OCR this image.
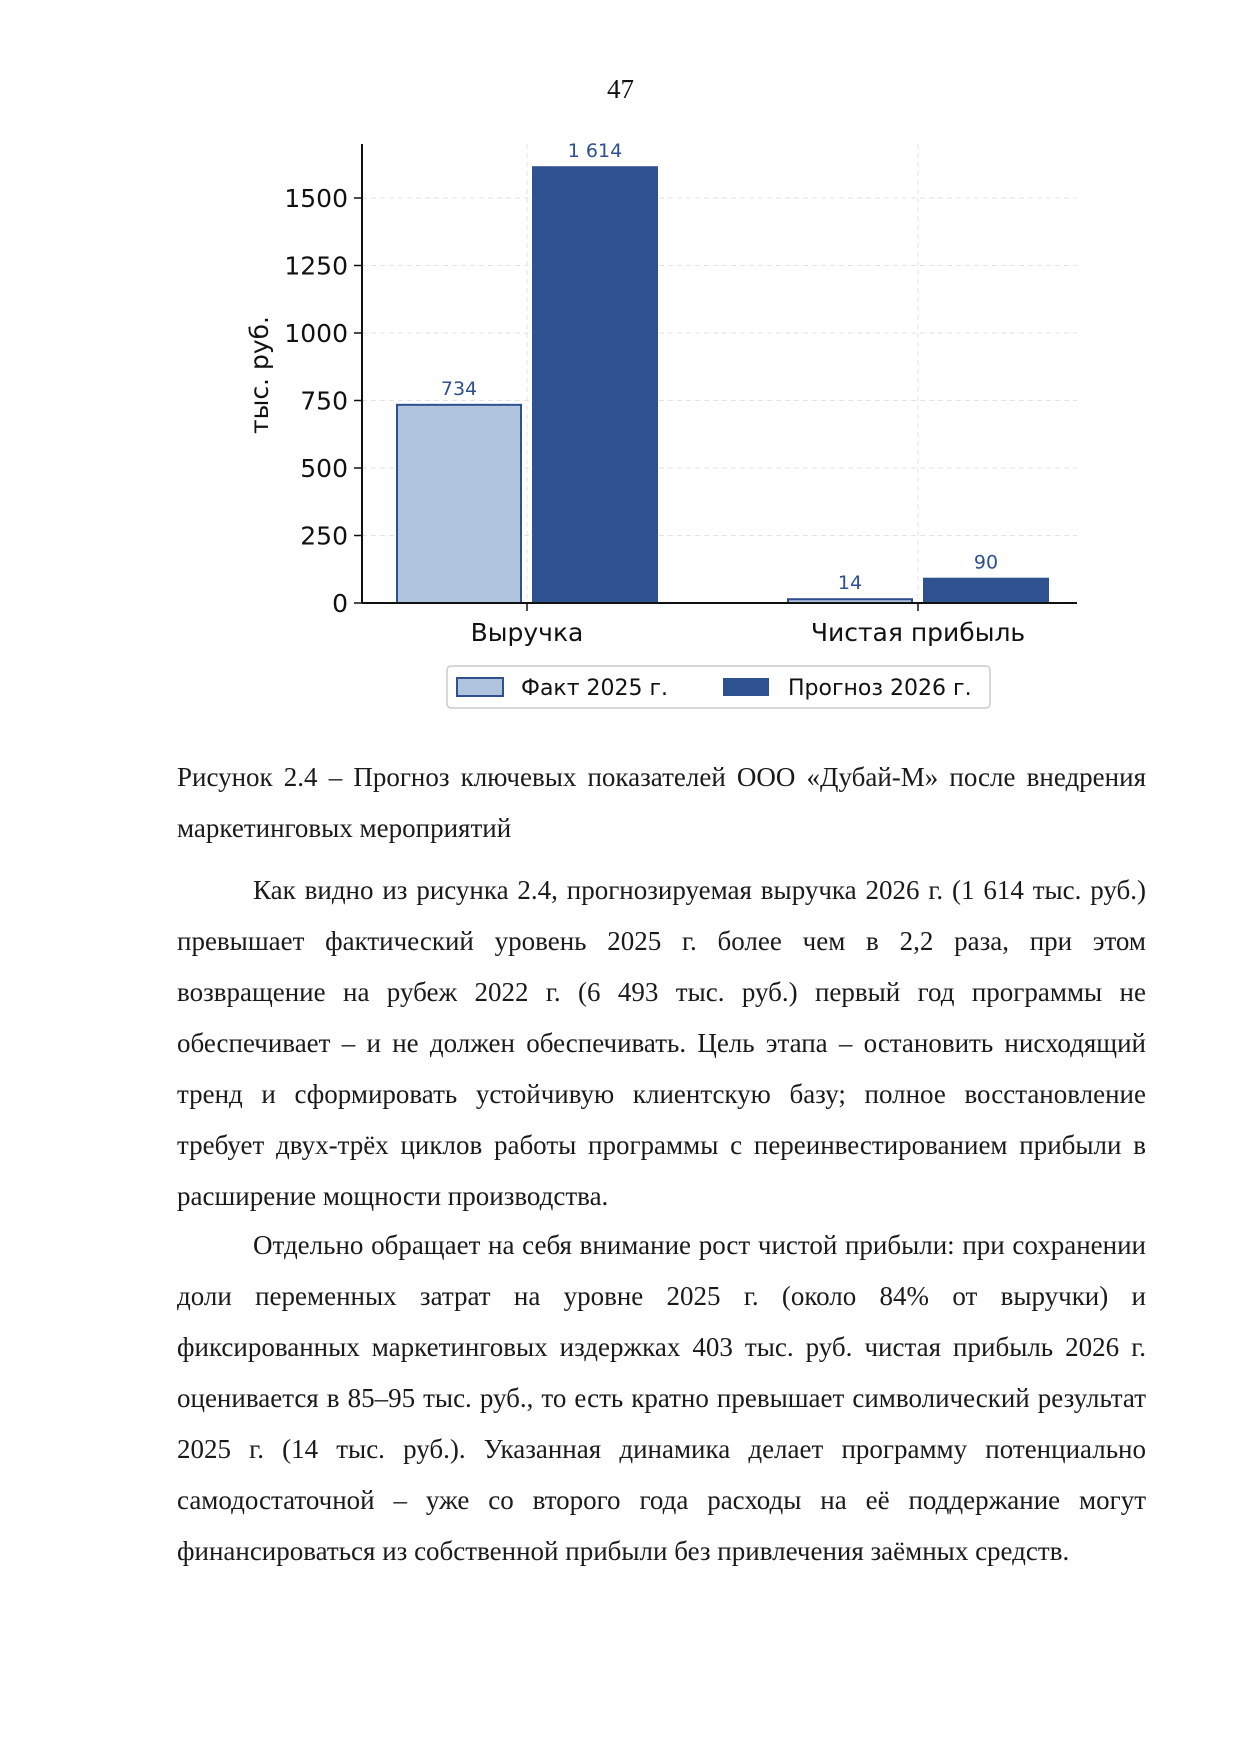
47
0
250
500
750
1000
1250
1500
Выручка	Чистая прибыль
734
14
1 614
90
тыс. руб.
Факт 2025 г.	Прогноз 2026 г.

Рисунок 2.4 – Прогноз ключевых показателей ООО «Дубай-М» после внедрения маркетинговых мероприятий

Как видно из рисунка 2.4, прогнозируемая выручка 2026 г. (1 614 тыс. руб.) превышает фактический уровень 2025 г. более чем в 2,2 раза, при этом возвращение на рубеж 2022 г. (6 493 тыс. руб.) первый год программы не обеспечивает – и не должен обеспечивать. Цель этапа – остановить нисходящий тренд и сформировать устойчивую клиентскую базу; полное восстановление требует двух-трёх циклов работы программы с переинвестированием прибыли в расширение мощности производства.

Отдельно обращает на себя внимание рост чистой прибыли: при сохранении доли переменных затрат на уровне 2025 г. (около 84% от выручки) и фиксированных маркетинговых издержках 403 тыс. руб. чистая прибыль 2026 г. оценивается в 85–95 тыс. руб., то есть кратно превышает символический результат 2025 г. (14 тыс. руб.). Указанная динамика делает программу потенциально самодостаточной – уже со второго года расходы на её поддержание могут финансироваться из собственной прибыли без привлечения заёмных средств.
